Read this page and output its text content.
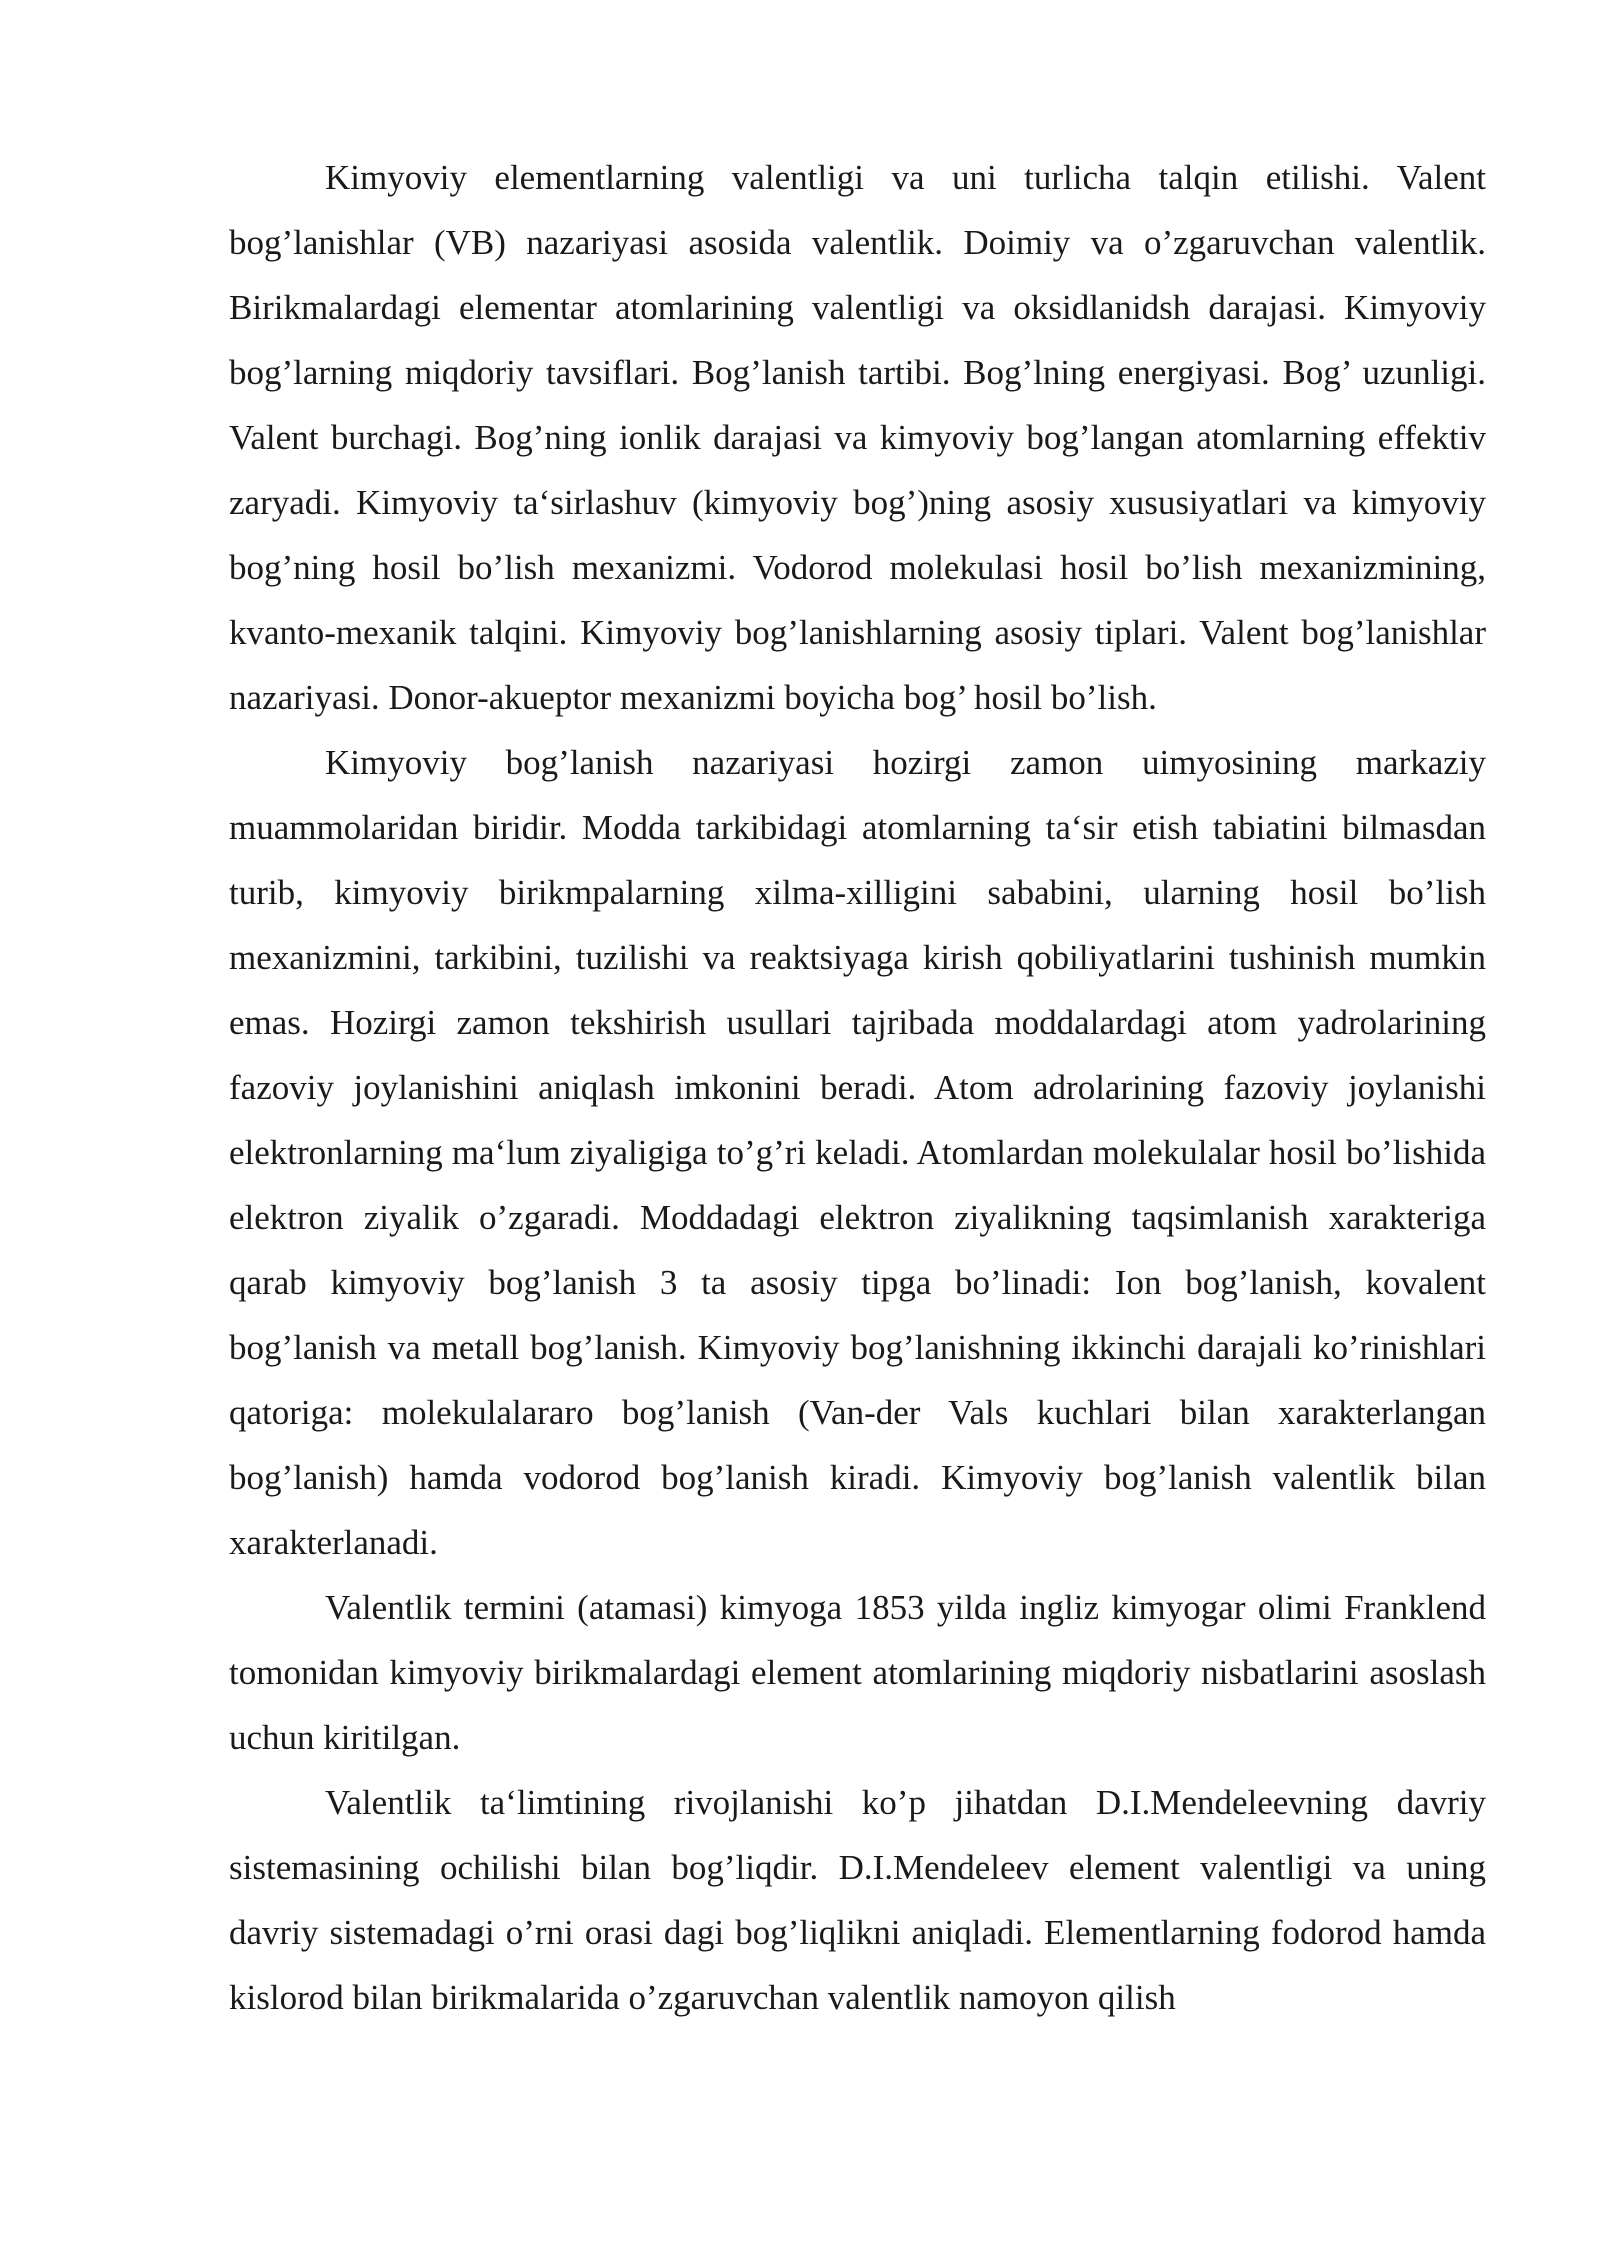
Kimyoviy elementlarning valentligi va uni turlicha talqin etilishi. Valent bog’lanishlar (VB) nazariyasi asosida valentlik. Doimiy va o’zgaruvchan valentlik. Birikmalardagi elementar atomlarining valentligi va oksidlanidsh darajasi. Kimyoviy bog’larning miqdoriy tavsiflari. Bog’lanish tartibi. Bog’lning energiyasi. Bog’ uzunligi. Valent burchagi. Bog’ning ionlik darajasi va kimyoviy bog’langan atomlarning effektiv zaryadi. Kimyoviy ta‘sirlashuv (kimyoviy bog’)ning asosiy xususiyatlari va kimyoviy bog’ning hosil bo’lish mexanizmi. Vodorod molekulasi hosil bo’lish mexanizmining, kvanto-mexanik talqini. Kimyoviy bog’lanishlarning asosiy tiplari. Valent bog’lanishlar nazariyasi. Donor-akueptor mexanizmi boyicha bog’ hosil bo’lish.

Kimyoviy bog’lanish nazariyasi hozirgi zamon uimyosining markaziy muammolaridan biridir. Modda tarkibidagi atomlarning ta‘sir etish tabiatini bilmasdan turib, kimyoviy birikmpalarning xilma-xilligini sababini, ularning hosil bo’lish mexanizmini, tarkibini, tuzilishi va reaktsiyaga kirish qobiliyatlarini tushinish mumkin emas. Hozirgi zamon tekshirish usullari tajribada moddalardagi atom yadrolarining fazoviy joylanishini aniqlash imkonini beradi. Atom adrolarining fazoviy joylanishi elektronlarning ma‘lum ziyaligiga to’g’ri keladi. Atomlardan molekulalar hosil bo’lishida elektron ziyalik o’zgaradi. Moddadagi elektron ziyalikning taqsimlanish xarakteriga qarab kimyoviy bog’lanish 3 ta asosiy tipga bo’linadi: Ion bog’lanish, kovalent bog’lanish va metall bog’lanish. Kimyoviy bog’lanishning ikkinchi darajali ko’rinishlari qatoriga: molekulalararo bog’lanish (Van-der Vals kuchlari bilan xarakterlangan bog’lanish) hamda vodorod bog’lanish kiradi. Kimyoviy bog’lanish valentlik bilan xarakterlanadi.

Valentlik termini (atamasi) kimyoga 1853 yilda ingliz kimyogar olimi Franklend tomonidan kimyoviy birikmalardagi element atomlarining miqdoriy nisbatlarini asoslash uchun kiritilgan.

Valentlik ta‘limtining rivojlanishi ko’p jihatdan D.I.Mendeleevning davriy sistemasining ochilishi bilan bog’liqdir. D.I.Mendeleev element valentligi va uning davriy sistemadagi o’rni orasi dagi bog’liqlikni aniqladi. Elementlarning fodorod hamda kislorod bilan birikmalarida o’zgaruvchan valentlik namoyon qilish
